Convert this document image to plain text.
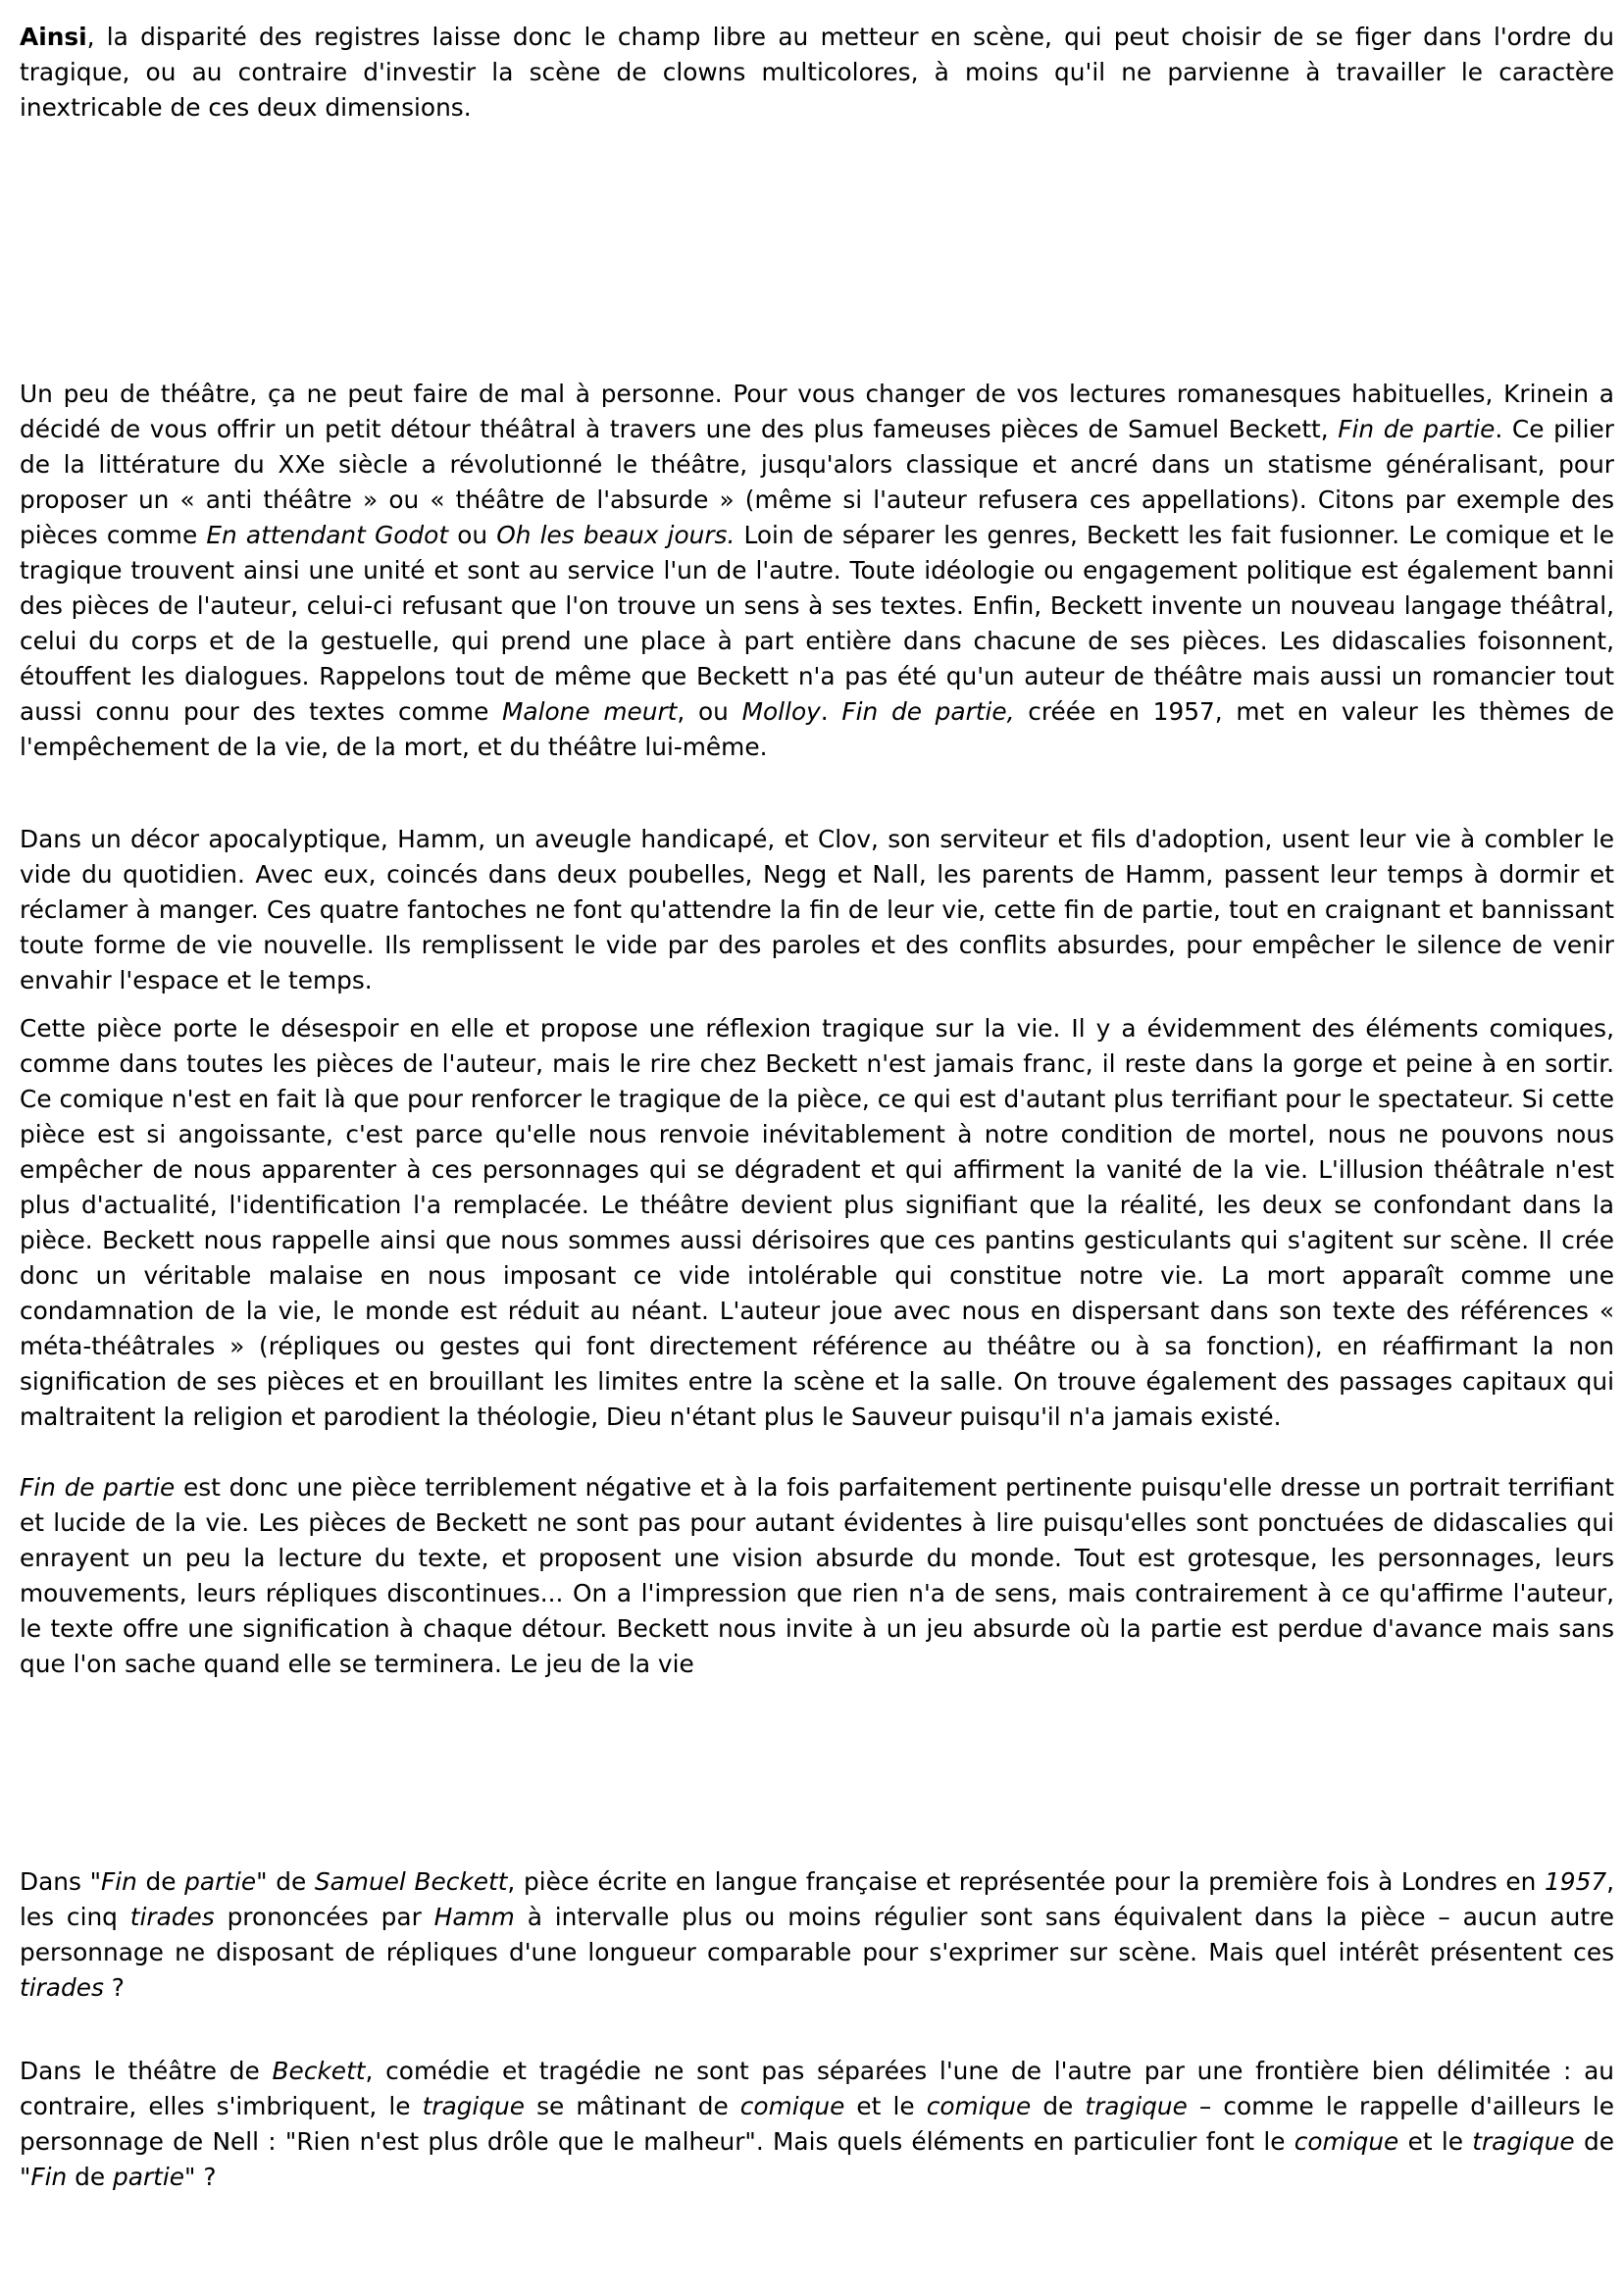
Ainsi, la disparité des registres laisse donc le champ libre au metteur en scène, qui peut choisir de se figer dans l'ordre du tragique, ou au contraire d'investir la scène de clowns multicolores, à moins qu'il ne parvienne à travailler le caractère inextricable de ces deux dimensions.

Un peu de théâtre, ça ne peut faire de mal à personne. Pour vous changer de vos lectures romanesques habituelles, Krinein a décidé de vous offrir un petit détour théâtral à travers une des plus fameuses pièces de Samuel Beckett, Fin de partie. Ce pilier de la littérature du XXe siècle a révolutionné le théâtre, jusqu'alors classique et ancré dans un statisme généralisant, pour proposer un « anti théâtre » ou « théâtre de l'absurde » (même si l'auteur refusera ces appellations). Citons par exemple des pièces comme En attendant Godot ou Oh les beaux jours. Loin de séparer les genres, Beckett les fait fusionner. Le comique et le tragique trouvent ainsi une unité et sont au service l'un de l'autre. Toute idéologie ou engagement politique est également banni des pièces de l'auteur, celui-ci refusant que l'on trouve un sens à ses textes. Enfin, Beckett invente un nouveau langage théâtral, celui du corps et de la gestuelle, qui prend une place à part entière dans chacune de ses pièces. Les didascalies foisonnent, étouffent les dialogues. Rappelons tout de même que Beckett n'a pas été qu'un auteur de théâtre mais aussi un romancier tout aussi connu pour des textes comme Malone meurt, ou Molloy. Fin de partie, créée en 1957, met en valeur les thèmes de l'empêchement de la vie, de la mort, et du théâtre lui-même.

Dans un décor apocalyptique, Hamm, un aveugle handicapé, et Clov, son serviteur et fils d'adoption, usent leur vie à combler le vide du quotidien. Avec eux, coincés dans deux poubelles, Negg et Nall, les parents de Hamm, passent leur temps à dormir et réclamer à manger. Ces quatre fantoches ne font qu'attendre la fin de leur vie, cette fin de partie, tout en craignant et bannissant toute forme de vie nouvelle. Ils remplissent le vide par des paroles et des conflits absurdes, pour empêcher le silence de venir envahir l'espace et le temps.

Cette pièce porte le désespoir en elle et propose une réflexion tragique sur la vie. Il y a évidemment des éléments comiques, comme dans toutes les pièces de l'auteur, mais le rire chez Beckett n'est jamais franc, il reste dans la gorge et peine à en sortir. Ce comique n'est en fait là que pour renforcer le tragique de la pièce, ce qui est d'autant plus terrifiant pour le spectateur. Si cette pièce est si angoissante, c'est parce qu'elle nous renvoie inévitablement à notre condition de mortel, nous ne pouvons nous empêcher de nous apparenter à ces personnages qui se dégradent et qui affirment la vanité de la vie. L'illusion théâtrale n'est plus d'actualité, l'identification l'a remplacée. Le théâtre devient plus signifiant que la réalité, les deux se confondant dans la pièce. Beckett nous rappelle ainsi que nous sommes aussi dérisoires que ces pantins gesticulants qui s'agitent sur scène. Il crée donc un véritable malaise en nous imposant ce vide intolérable qui constitue notre vie. La mort apparaît comme une condamnation de la vie, le monde est réduit au néant. L'auteur joue avec nous en dispersant dans son texte des références « méta-théâtrales » (répliques ou gestes qui font directement référence au théâtre ou à sa fonction), en réaffirmant la non signification de ses pièces et en brouillant les limites entre la scène et la salle. On trouve également des passages capitaux qui maltraitent la religion et parodient la théologie, Dieu n'étant plus le Sauveur puisqu'il n'a jamais existé.

Fin de partie est donc une pièce terriblement négative et à la fois parfaitement pertinente puisqu'elle dresse un portrait terrifiant et lucide de la vie. Les pièces de Beckett ne sont pas pour autant évidentes à lire puisqu'elles sont ponctuées de didascalies qui enrayent un peu la lecture du texte, et proposent une vision absurde du monde. Tout est grotesque, les personnages, leurs mouvements, leurs répliques discontinues... On a l'impression que rien n'a de sens, mais contrairement à ce qu'affirme l'auteur, le texte offre une signification à chaque détour. Beckett nous invite à un jeu absurde où la partie est perdue d'avance mais sans que l'on sache quand elle se terminera. Le jeu de la vie

Dans "Fin de partie" de Samuel Beckett, pièce écrite en langue française et représentée pour la première fois à Londres en 1957, les cinq tirades prononcées par Hamm à intervalle plus ou moins régulier sont sans équivalent dans la pièce – aucun autre personnage ne disposant de répliques d'une longueur comparable pour s'exprimer sur scène. Mais quel intérêt présentent ces tirades ?

Dans le théâtre de Beckett, comédie et tragédie ne sont pas séparées l'une de l'autre par une frontière bien délimitée : au contraire, elles s'imbriquent, le tragique se mâtinant de comique et le comique de tragique – comme le rappelle d'ailleurs le personnage de Nell : "Rien n'est plus drôle que le malheur". Mais quels éléments en particulier font le comique et le tragique de "Fin de partie" ?
